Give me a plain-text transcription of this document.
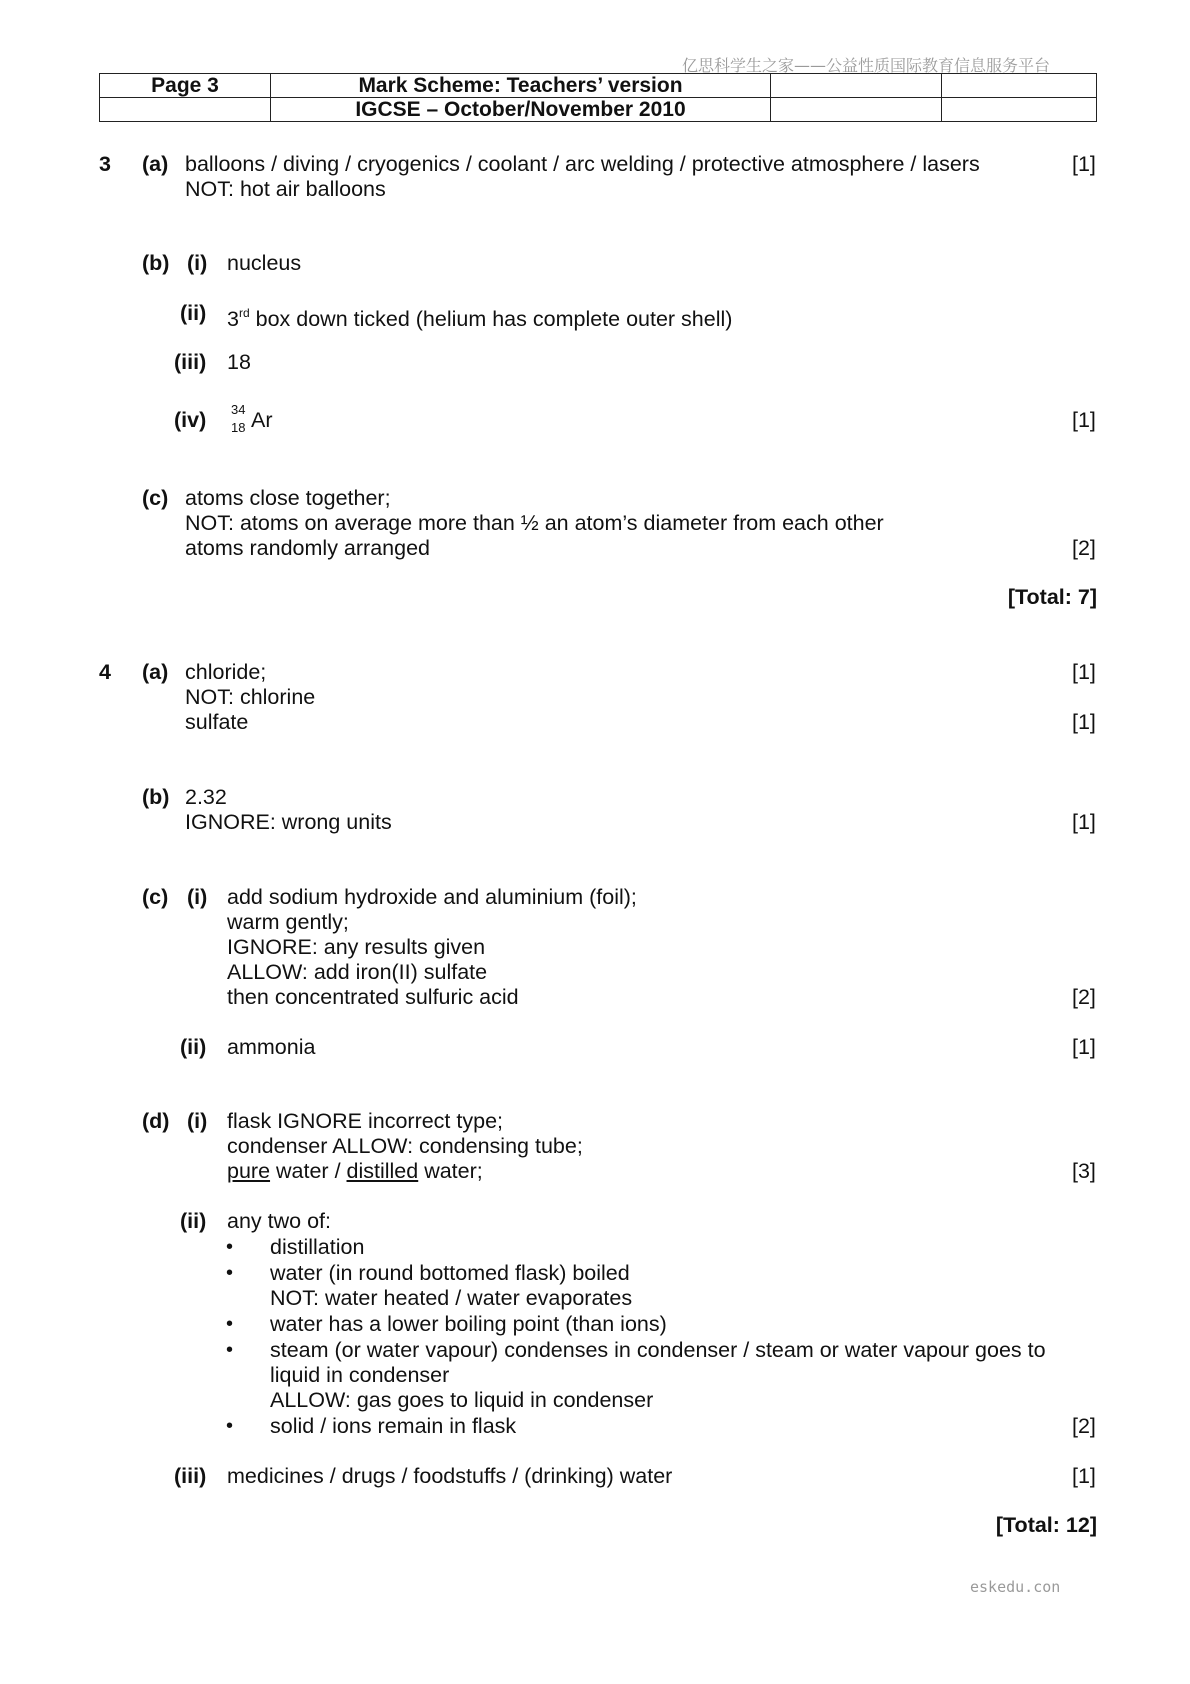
亿思科学生之家——公益性质国际教育信息服务平台
Page 3	Mark Scheme: Teachers’ version		
	IGCSE – October/November 2010		
3 (a) balloons / diving / cryogenics / coolant / arc welding / protective atmosphere / lasers	[1]
NOT: hot air balloons
(b) (i) nucleus
(ii) 3rd box down ticked (helium has complete outer shell)
(iii) 18
(iv) 34
18 Ar	[1]
(c) atoms close together;
NOT: atoms on average more than ½ an atom’s diameter from each other
atoms randomly arranged	[2]
[Total: 7]
4 (a) chloride;	[1]
NOT: chlorine
sulfate	[1]
(b) 2.32
IGNORE: wrong units	[1]
(c) (i) add sodium hydroxide and aluminium (foil);
warm gently;
IGNORE: any results given
ALLOW: add iron(II) sulfate
then concentrated sulfuric acid	[2]
(ii) ammonia	[1]
(d) (i) flask IGNORE incorrect type;
condenser ALLOW: condensing tube;
pure water / distilled water;	[3]
(ii) any two of:
• distillation
• water (in round bottomed flask) boiled
NOT: water heated / water evaporates
• water has a lower boiling point (than ions)
• steam (or water vapour) condenses in condenser / steam or water vapour goes to
liquid in condenser
ALLOW: gas goes to liquid in condenser
• solid / ions remain in flask	[2]
(iii) medicines / drugs / foodstuffs / (drinking) water	[1]
[Total: 12]
eskedu.con
